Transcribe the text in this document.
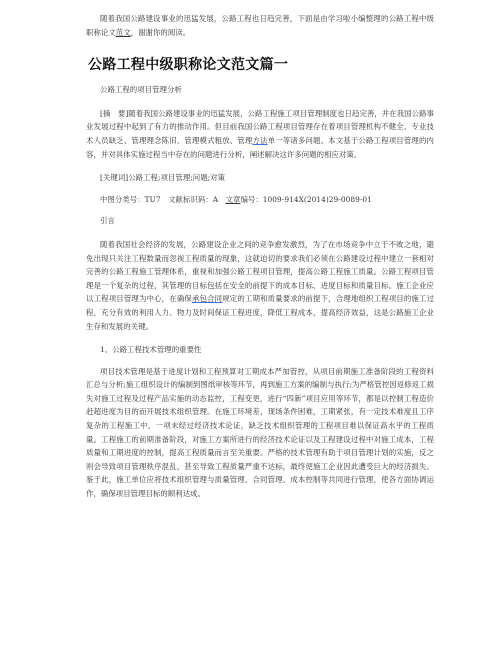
随着我国公路建设事业的迅猛发展，公路工程也日趋完善，下面是由学习啦小编整理的公路工程中级职称论文范文，谢谢你的阅读。

公路工程中级职称论文范文篇一

公路工程的项目管理分析

[摘　要]随着我国公路建设事业的迅猛发展，公路工程施工项目管理制度也日趋完善，并在我国公路事业发展过程中起到了有力的推动作用。但目前我国公路工程项目管理存在着项目管理机构不健全、专业技术人员缺乏、管理理念陈旧、管理模式粗放、管理方法单一等诸多问题。本文基于公路工程项目管理的内容，并对具体实施过程当中存在的问题进行分析，阐述解决这许多问题的相应对策。

[关键词]公路工程;项目管理;问题;对策

中图分类号：TU7　文献标识码：A　文章编号：1009-914X(2014)29-0089-01

引言

随着我国社会经济的发展，公路建设企业之间的竞争愈发激烈，为了在市场竞争中立于不败之地，避免出现只关注工程数量而忽视工程质量的现象，这就迫切的要求我们必须在公路建设过程中建立一套相对完善的公路工程施工管理体系，重视和加强公路工程项目管理，提高公路工程施工质量。公路工程项目管理是一个复杂的过程，其管理的目标包括在安全的前提下的成本目标、进度目标和质量目标。施工企业应以工程项目管理为中心，在确保承包合同规定的工期和质量要求的前提下，合理地组织工程项目的施工过程，充分有效的利用人力、物力及时间保证工程进度，降低工程成本，提高经济效益，这是公路施工企业生存和发展的关键。

1、公路工程技术管理的重要性

项目技术管理是基于进度计划和工程预算对工期成本严加管控，从项目前期施工准备阶段的工程资料汇总与分析;施工组织设计的编制到图纸审核等环节，再到施工方案的编制与执行;为严格管控因返修返工损失对施工过程及过程产品实施的动态监控，工程变更，进行“四新”项目应用等环节，都是以控制工程造价赶超进度为目的而开展技术组织管理。在施工环境差，现场条件困难，工期紧张，有一定技术难度且工序复杂的工程施工中，一项未经过经济技术论证，缺乏技术组织管理的工程项目难以保证高水平的工程质量。工程施工的前期准备阶段，对施工方案所进行的经济技术论证以及工程建设过程中对施工成本，工程质量和工期进度的控制，提高工程质量而言至关重要。严格的技术管理有助于项目管理计划的实施，反之则会导致项目管理秩序混乱，甚至导致工程质量严重不达标，最终使施工企业因此遭受巨大的经济损失。鉴于此，施工单位应将技术组织管理与质量管理、合同管理、成本控制等共同进行管理，使各方面协调运作，确保项目管理目标的顺利达成。
